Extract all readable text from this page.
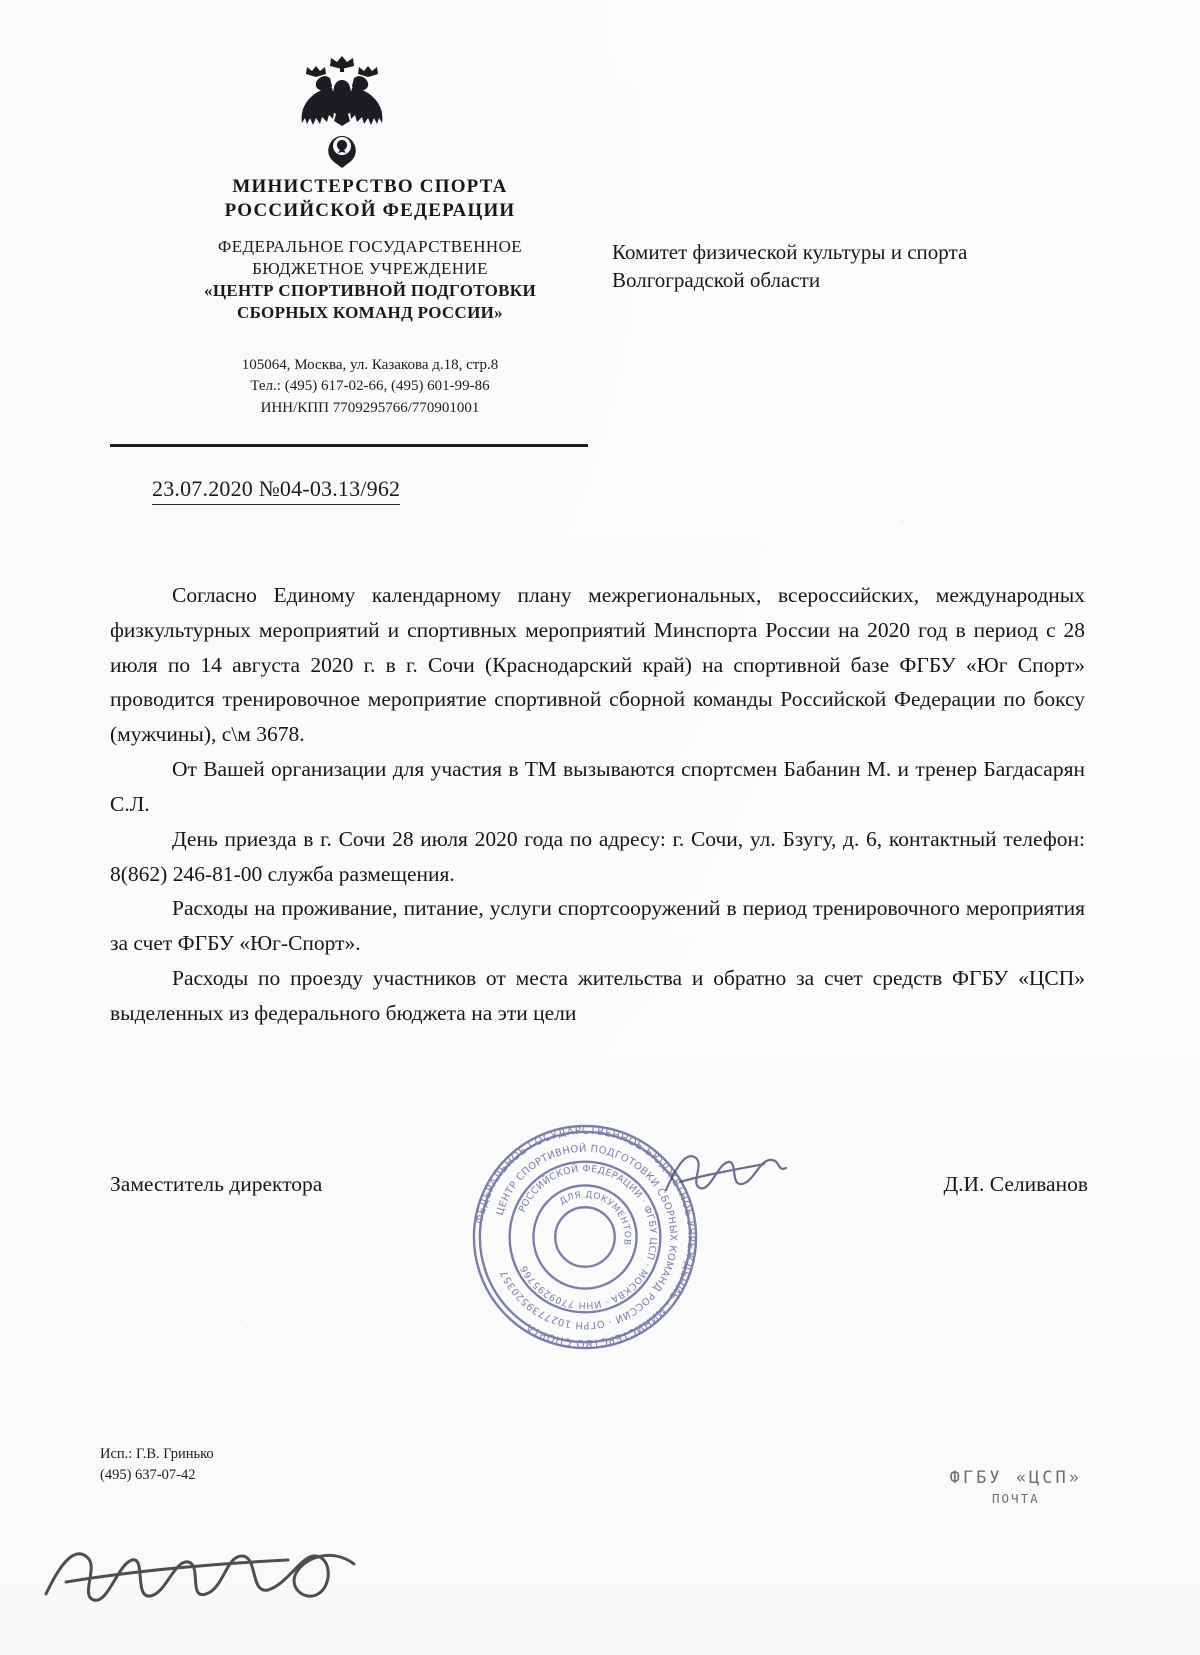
МИНИСТЕРСТВО СПОРТА
РОССИЙСКОЙ ФЕДЕРАЦИИ
ФЕДЕРАЛЬНОЕ ГОСУДАРСТВЕННОЕ
БЮДЖЕТНОЕ УЧРЕЖДЕНИЕ
«ЦЕНТР СПОРТИВНОЙ ПОДГОТОВКИ
СБОРНЫХ КОМАНД РОССИИ»
105064, Москва, ул. Казакова д.18, стр.8
Тел.: (495) 617-02-66, (495) 601-99-86
ИНН/КПП 7709295766/770901001
23.07.2020 №04-03.13/962
Комитет физической культуры и спорта
Волгоградской области

Согласно Единому календарному плану межрегиональных, всероссийских, международных физкультурных мероприятий и спортивных мероприятий Минспорта России на 2020 год в период с 28 июля по 14 августа 2020 г. в г. Сочи (Краснодарский край) на спортивной базе ФГБУ «Юг Спорт» проводится тренировочное мероприятие спортивной сборной команды Российской Федерации по боксу (мужчины), с\м 3678.

От Вашей организации для участия в ТМ вызываются спортсмен Бабанин М. и тренер Багдасарян С.Л.

День приезда в г. Сочи 28 июля 2020 года по адресу: г. Сочи, ул. Бзугу, д. 6, контактный телефон: 8(862) 246-81-00 служба размещения.

Расходы на проживание, питание, услуги спортсооружений в период тренировочного мероприятия за счет ФГБУ «Юг-Спорт».

Расходы по проезду участников от места жительства и обратно за счет средств ФГБУ «ЦСП» выделенных из федерального бюджета на эти цели

Заместитель директора	Д.И. Селиванов
ФЕДЕРАЛЬНОЕ ГОСУДАРСТВЕННОЕ БЮДЖЕТНОЕ УЧРЕЖДЕНИЕ · МИНИСТЕРСТВО СПОРТА
ЦЕНТР СПОРТИВНОЙ ПОДГОТОВКИ СБОРНЫХ КОМАНД РОССИИ · ОГРН 1027739520357
РОССИЙСКОЙ ФЕДЕРАЦИИ · ФГБУ ЦСП · МОСКВА · ИНН 7709295766
ДЛЯ ДОКУМЕНТОВ
Исп.: Г.В. Гринько
(495) 637-07-42	ФГБУ «ЦСП»
ПОЧТА
